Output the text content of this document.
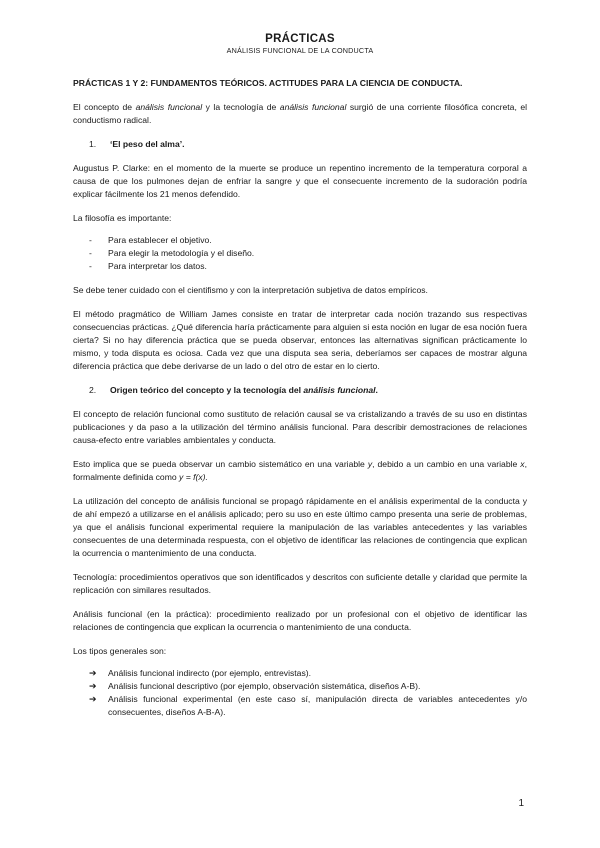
PRÁCTICAS
ANÁLISIS FUNCIONAL DE LA CONDUCTA
PRÁCTICAS 1 Y 2: FUNDAMENTOS TEÓRICOS. ACTITUDES PARA LA CIENCIA DE CONDUCTA.

El concepto de análisis funcional y la tecnología de análisis funcional surgió de una corriente filosófica concreta, el conductismo radical.

1.	‘El peso del alma’.

Augustus P. Clarke: en el momento de la muerte se produce un repentino incremento de la temperatura corporal a causa de que los pulmones dejan de enfriar la sangre y que el consecuente incremento de la sudoración podría explicar fácilmente los 21 menos defendido.

La filosofía es importante:

-	Para establecer el objetivo.
-	Para elegir la metodología y el diseño.
-	Para interpretar los datos.

Se debe tener cuidado con el cientifismo y con la interpretación subjetiva de datos empíricos.

El método pragmático de William James consiste en tratar de interpretar cada noción trazando sus respectivas consecuencias prácticas. ¿Qué diferencia haría prácticamente para alguien si esta noción en lugar de esa noción fuera cierta? Si no hay diferencia práctica que se pueda observar, entonces las alternativas significan prácticamente lo mismo, y toda disputa es ociosa. Cada vez que una disputa sea seria, deberíamos ser capaces de mostrar alguna diferencia práctica que debe derivarse de un lado o del otro de estar en lo cierto.

2.	Origen teórico del concepto y la tecnología del análisis funcional.

El concepto de relación funcional como sustituto de relación causal se va cristalizando a través de su uso en distintas publicaciones y da paso a la utilización del término análisis funcional. Para describir demostraciones de relaciones causa-efecto entre variables ambientales y conducta.

Esto implica que se pueda observar un cambio sistemático en una variable y, debido a un cambio en una variable x, formalmente definida como y = f(x).

La utilización del concepto de análisis funcional se propagó rápidamente en el análisis experimental de la conducta y de ahí empezó a utilizarse en el análisis aplicado; pero su uso en este último campo presenta una serie de problemas, ya que el análisis funcional experimental requiere la manipulación de las variables antecedentes y las variables consecuentes de una determinada respuesta, con el objetivo de identificar las relaciones de contingencia que explican la ocurrencia o mantenimiento de una conducta.

Tecnología: procedimientos operativos que son identificados y descritos con suficiente detalle y claridad que permite la replicación con similares resultados.

Análisis funcional (en la práctica): procedimiento realizado por un profesional con el objetivo de identificar las relaciones de contingencia que explican la ocurrencia o mantenimiento de una conducta.

Los tipos generales son:

➔	Análisis funcional indirecto (por ejemplo, entrevistas).
➔	Análisis funcional descriptivo (por ejemplo, observación sistemática, diseños A-B).
➔	Análisis funcional experimental (en este caso sí, manipulación directa de variables antecedentes y/o consecuentes, diseños A-B-A).
1
